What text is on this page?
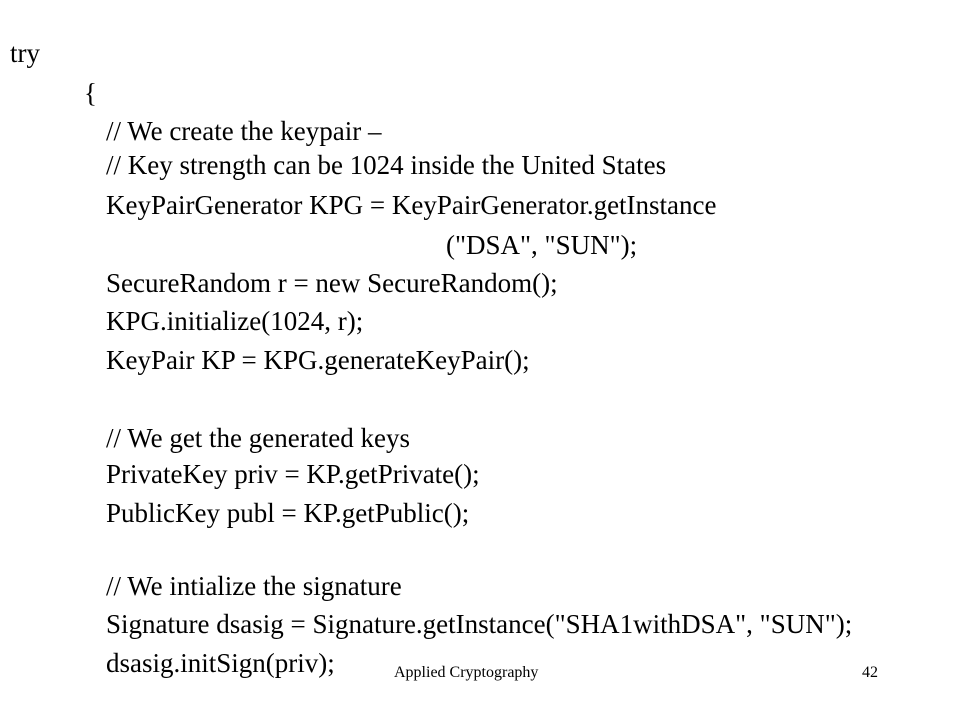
try
{
// We create the keypair –
// Key strength can be 1024 inside the United States
KeyPairGenerator KPG = KeyPairGenerator.getInstance
("DSA", "SUN");
SecureRandom r = new SecureRandom();
KPG.initialize(1024, r);
KeyPair KP = KPG.generateKeyPair();
// We get the generated keys
PrivateKey priv = KP.getPrivate();
PublicKey publ = KP.getPublic();
// We intialize the signature
Signature dsasig = Signature.getInstance("SHA1withDSA", "SUN");
dsasig.initSign(priv);	Applied Cryptography	42
